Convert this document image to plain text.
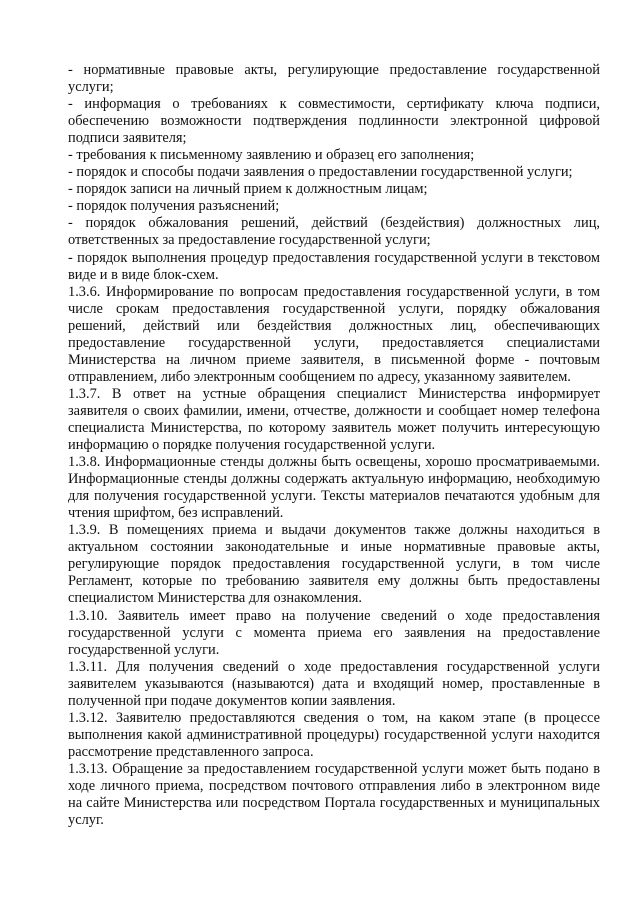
- нормативные правовые акты, регулирующие предоставление государственной услуги;

- информация о требованиях к совместимости, сертификату ключа подписи, обеспечению возможности подтверждения подлинности электронной цифровой подписи заявителя;

- требования к письменному заявлению и образец его заполнения;

- порядок и способы подачи заявления о предоставлении государственной услуги;

- порядок записи на личный прием к должностным лицам;

- порядок получения разъяснений;

- порядок обжалования решений, действий (бездействия) должностных лиц, ответственных за предоставление государственной услуги;

- порядок выполнения процедур предоставления государственной услуги в текстовом виде и в виде блок-схем.

1.3.6. Информирование по вопросам предоставления государственной услуги, в том числе срокам предоставления государственной услуги, порядку обжалования решений, действий или бездействия должностных лиц, обеспечивающих предоставление государственной услуги, предоставляется специалистами Министерства на личном приеме заявителя, в письменной форме - почтовым отправлением, либо электронным сообщением по адресу, указанному заявителем.

1.3.7. В ответ на устные обращения специалист Министерства информирует заявителя о своих фамилии, имени, отчестве, должности и сообщает номер телефона специалиста Министерства, по которому заявитель может получить интересующую информацию о порядке получения государственной услуги.

1.3.8. Информационные стенды должны быть освещены, хорошо просматриваемыми. Информационные стенды должны содержать актуальную информацию, необходимую для получения государственной услуги. Тексты материалов печатаются удобным для чтения шрифтом, без исправлений.

1.3.9. В помещениях приема и выдачи документов также должны находиться в актуальном состоянии законодательные и иные нормативные правовые акты, регулирующие порядок предоставления государственной услуги, в том числе Регламент, которые по требованию заявителя ему должны быть предоставлены специалистом Министерства для ознакомления.

1.3.10. Заявитель имеет право на получение сведений о ходе предоставления государственной услуги с момента приема его заявления на предоставление государственной услуги.

1.3.11. Для получения сведений о ходе предоставления государственной услуги заявителем указываются (называются) дата и входящий номер, проставленные в полученной при подаче документов копии заявления.

1.3.12. Заявителю предоставляются сведения о том, на каком этапе (в процессе выполнения какой административной процедуры) государственной услуги находится рассмотрение представленного запроса.

1.3.13. Обращение за предоставлением государственной услуги может быть подано в ходе личного приема, посредством почтового отправления либо в электронном виде на сайте Министерства или посредством Портала государственных и муниципальных услуг.
